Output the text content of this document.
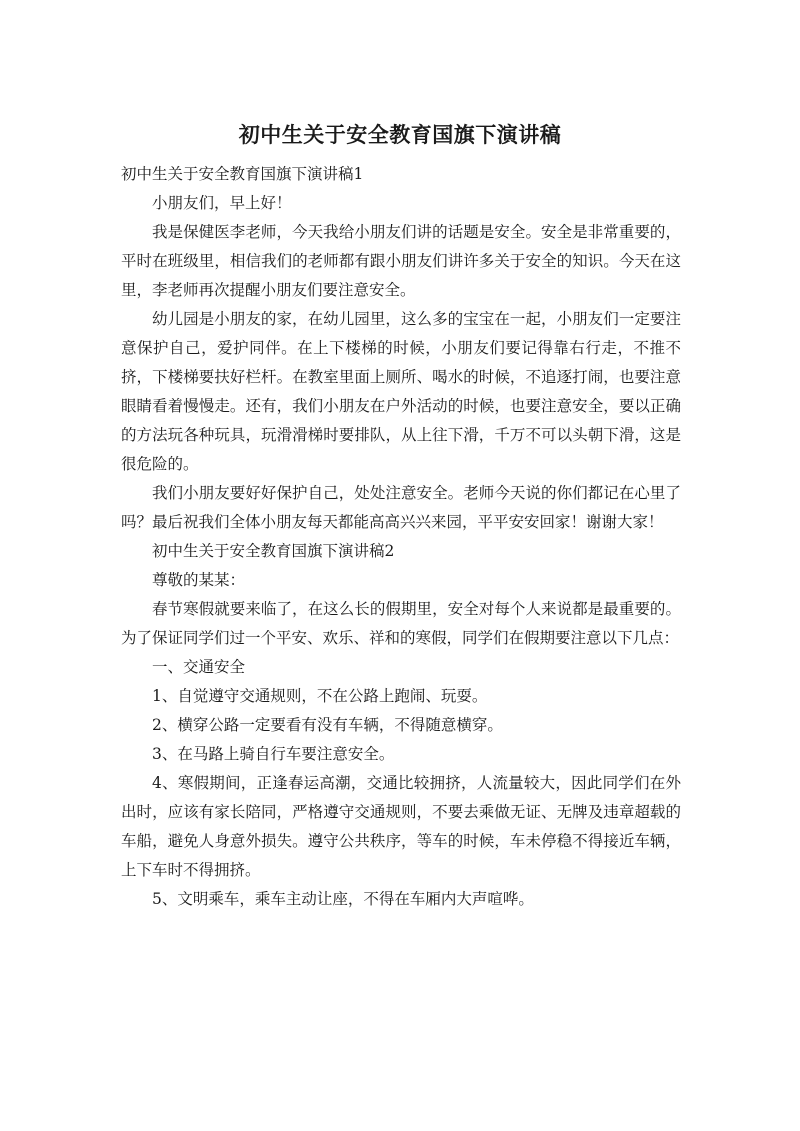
初中生关于安全教育国旗下演讲稿

初中生关于安全教育国旗下演讲稿1

小朋友们，早上好！

我是保健医李老师，今天我给小朋友们讲的话题是安全。安全是非常重要的，平时在班级里，相信我们的老师都有跟小朋友们讲许多关于安全的知识。今天在这里，李老师再次提醒小朋友们要注意安全。

幼儿园是小朋友的家，在幼儿园里，这么多的宝宝在一起，小朋友们一定要注意保护自己，爱护同伴。在上下楼梯的时候，小朋友们要记得靠右行走，不推不挤，下楼梯要扶好栏杆。在教室里面上厕所、喝水的时候，不追逐打闹，也要注意眼睛看着慢慢走。还有，我们小朋友在户外活动的时候，也要注意安全，要以正确的方法玩各种玩具，玩滑滑梯时要排队，从上往下滑，千万不可以头朝下滑，这是很危险的。

我们小朋友要好好保护自己，处处注意安全。老师今天说的你们都记在心里了吗？最后祝我们全体小朋友每天都能高高兴兴来园，平平安安回家！谢谢大家！

初中生关于安全教育国旗下演讲稿2

尊敬的某某：

春节寒假就要来临了，在这么长的假期里，安全对每个人来说都是最重要的。为了保证同学们过一个平安、欢乐、祥和的寒假，同学们在假期要注意以下几点：

一、交通安全

1、自觉遵守交通规则，不在公路上跑闹、玩耍。

2、横穿公路一定要看有没有车辆，不得随意横穿。

3、在马路上骑自行车要注意安全。

4、寒假期间，正逢春运高潮，交通比较拥挤，人流量较大，因此同学们在外出时，应该有家长陪同，严格遵守交通规则，不要去乘做无证、无牌及违章超载的车船，避免人身意外损失。遵守公共秩序，等车的时候，车未停稳不得接近车辆，上下车时不得拥挤。

5、文明乘车，乘车主动让座，不得在车厢内大声喧哗。
